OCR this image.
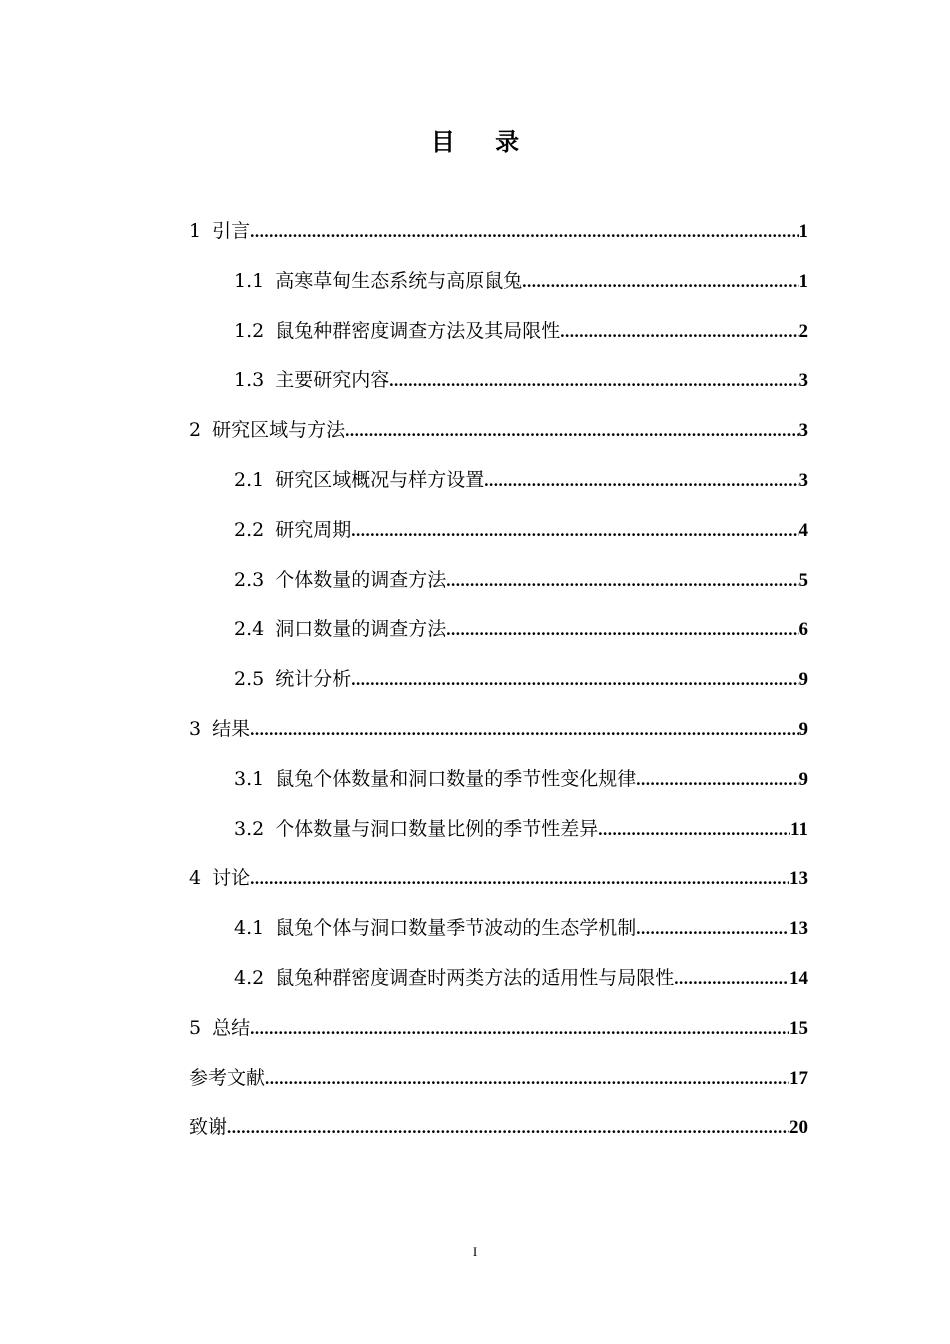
目 录
1 引言 .....	1
1.1 高寒草甸生态系统与高原鼠兔 .....	1
1.2 鼠兔种群密度调查方法及其局限性 .....	2
1.3 主要研究内容 .....	3
2 研究区域与方法 .....	3
2.1 研究区域概况与样方设置 .....	3
2.2 研究周期 .....	4
2.3 个体数量的调查方法 .....	5
2.4 洞口数量的调查方法 .....	6
2.5 统计分析 .....	9
3 结果 .....	9
3.1 鼠兔个体数量和洞口数量的季节性变化规律 .....	9
3.2 个体数量与洞口数量比例的季节性差异 .....	11
4 讨论 .....	13
4.1 鼠兔个体与洞口数量季节波动的生态学机制 .....	13
4.2 鼠兔种群密度调查时两类方法的适用性与局限性 .....	14
5 总结 .....	15
参考文献 .....	17
致谢 .....	20
I
